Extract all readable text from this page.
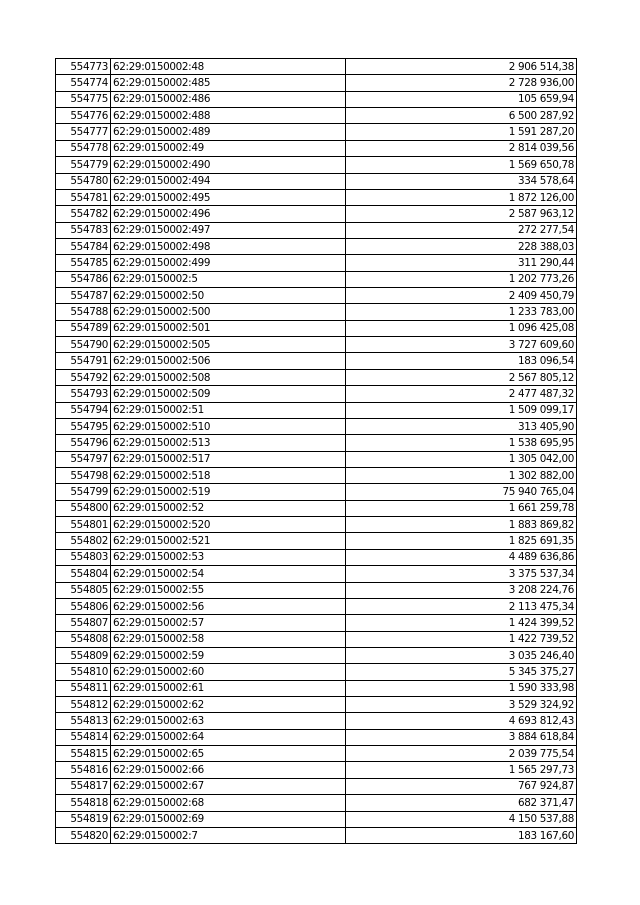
554773	62:29:0150002:48	2 906 514,38
554774	62:29:0150002:485	2 728 936,00
554775	62:29:0150002:486	105 659,94
554776	62:29:0150002:488	6 500 287,92
554777	62:29:0150002:489	1 591 287,20
554778	62:29:0150002:49	2 814 039,56
554779	62:29:0150002:490	1 569 650,78
554780	62:29:0150002:494	334 578,64
554781	62:29:0150002:495	1 872 126,00
554782	62:29:0150002:496	2 587 963,12
554783	62:29:0150002:497	272 277,54
554784	62:29:0150002:498	228 388,03
554785	62:29:0150002:499	311 290,44
554786	62:29:0150002:5	1 202 773,26
554787	62:29:0150002:50	2 409 450,79
554788	62:29:0150002:500	1 233 783,00
554789	62:29:0150002:501	1 096 425,08
554790	62:29:0150002:505	3 727 609,60
554791	62:29:0150002:506	183 096,54
554792	62:29:0150002:508	2 567 805,12
554793	62:29:0150002:509	2 477 487,32
554794	62:29:0150002:51	1 509 099,17
554795	62:29:0150002:510	313 405,90
554796	62:29:0150002:513	1 538 695,95
554797	62:29:0150002:517	1 305 042,00
554798	62:29:0150002:518	1 302 882,00
554799	62:29:0150002:519	75 940 765,04
554800	62:29:0150002:52	1 661 259,78
554801	62:29:0150002:520	1 883 869,82
554802	62:29:0150002:521	1 825 691,35
554803	62:29:0150002:53	4 489 636,86
554804	62:29:0150002:54	3 375 537,34
554805	62:29:0150002:55	3 208 224,76
554806	62:29:0150002:56	2 113 475,34
554807	62:29:0150002:57	1 424 399,52
554808	62:29:0150002:58	1 422 739,52
554809	62:29:0150002:59	3 035 246,40
554810	62:29:0150002:60	5 345 375,27
554811	62:29:0150002:61	1 590 333,98
554812	62:29:0150002:62	3 529 324,92
554813	62:29:0150002:63	4 693 812,43
554814	62:29:0150002:64	3 884 618,84
554815	62:29:0150002:65	2 039 775,54
554816	62:29:0150002:66	1 565 297,73
554817	62:29:0150002:67	767 924,87
554818	62:29:0150002:68	682 371,47
554819	62:29:0150002:69	4 150 537,88
554820	62:29:0150002:7	183 167,60
